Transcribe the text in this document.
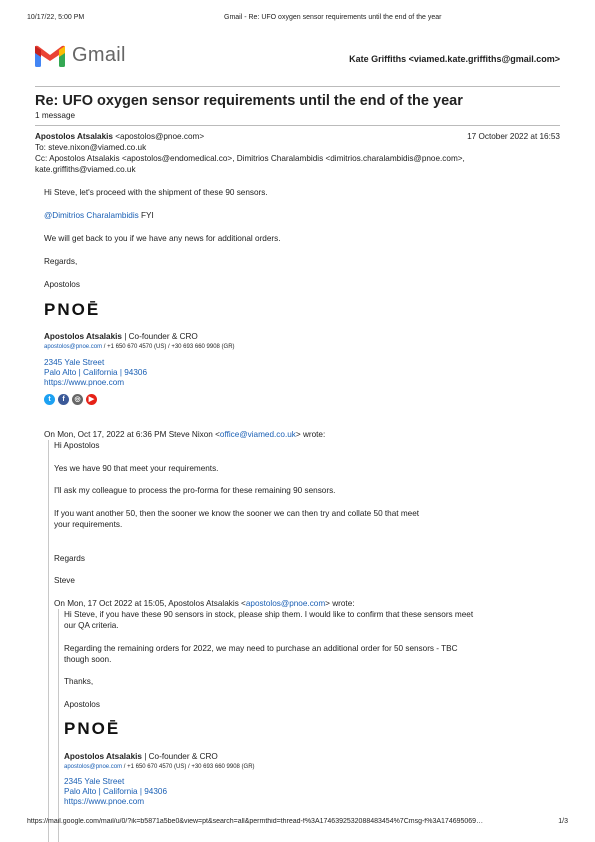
10/17/22, 5:00 PM	Gmail - Re: UFO oxygen sensor requirements until the end of the year
Gmail	Kate Griffiths <viamed.kate.griffiths@gmail.com>
Re: UFO oxygen sensor requirements until the end of the year
1 message
Apostolos Atsalakis <apostolos@pnoe.com>	17 October 2022 at 16:53
To: steve.nixon@viamed.co.uk
Cc: Apostolos Atsalakis <apostolos@endomedical.co>, Dimitrios Charalambidis <dimitrios.charalambidis@pnoe.com>,
kate.griffiths@viamed.co.uk
Hi Steve, let's proceed with the shipment of these 90 sensors.
@Dimitrios Charalambidis FYI
We will get back to you if we have any news for additional orders.
Regards,
Apostolos
PNOĒ
Apostolos Atsalakis | Co-founder & CRO
apostolos@pnoe.com / +1 650 670 4570 (US) / +30 693 660 9908 (GR)
2345 Yale Street
Palo Alto | California | 94306
https://www.pnoe.com
t	f	◎	▶
On Mon, Oct 17, 2022 at 6:36 PM Steve Nixon <office@viamed.co.uk> wrote:
Hi Apostolos
Yes we have 90 that meet your requirements.
I'll ask my colleague to process the pro-forma for these remaining 90 sensors.
If you want another 50, then the sooner we know the sooner we can then try and collate 50 that meet
your requirements.
Regards
Steve
On Mon, 17 Oct 2022 at 15:05, Apostolos Atsalakis <apostolos@pnoe.com> wrote:
Hi Steve, if you have these 90 sensors in stock, please ship them. I would like to confirm that these sensors meet
our QA criteria.
Regarding the remaining orders for 2022, we may need to purchase an additional order for 50 sensors - TBC
though soon.
Thanks,
Apostolos
PNOĒ
Apostolos Atsalakis | Co-founder & CRO
apostolos@pnoe.com / +1 650 670 4570 (US) / +30 693 660 9908 (GR)
2345 Yale Street
Palo Alto | California | 94306
https://www.pnoe.com
https://mail.google.com/mail/u/0/?ik=b5871a5be0&view=pt&search=all&permthid=thread-f%3A1746392532088483454%7Cmsg-f%3A174695069…	1/3
